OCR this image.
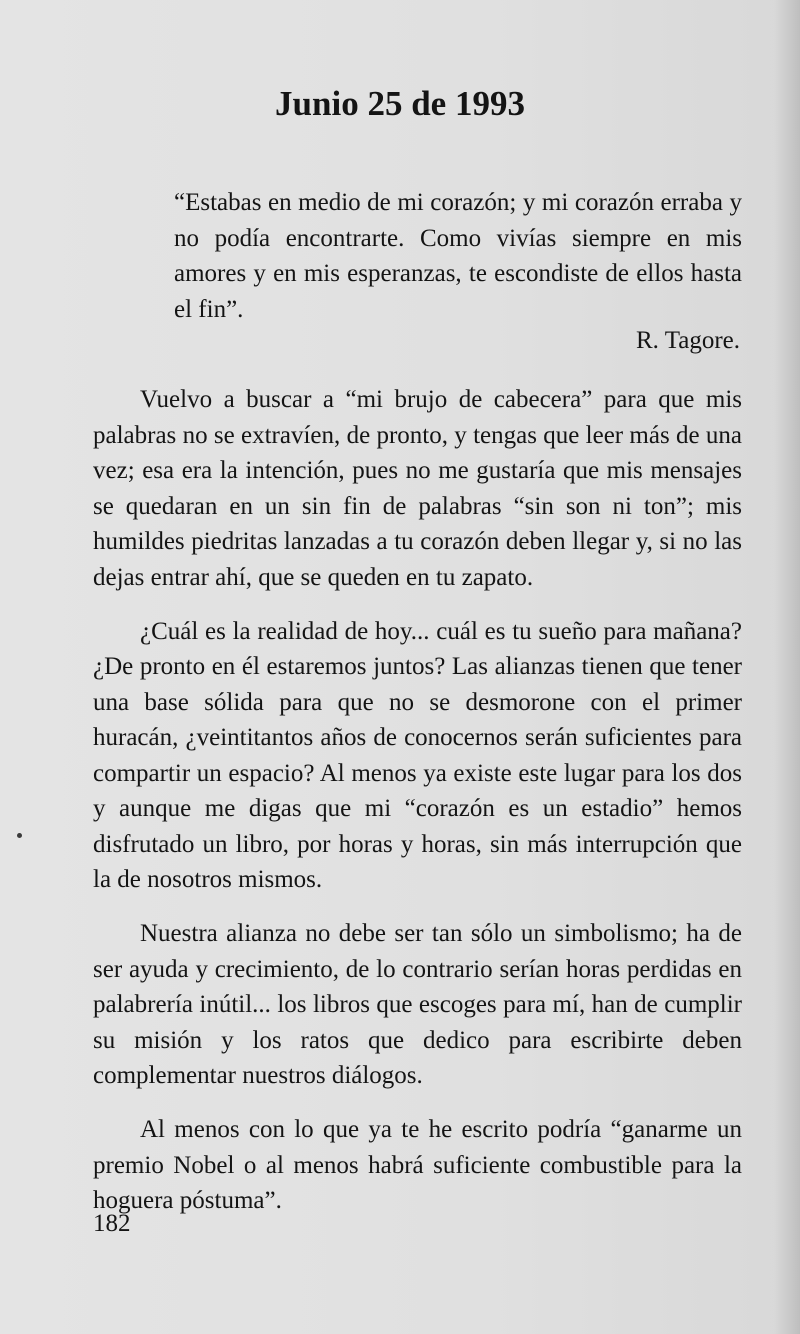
Junio 25 de 1993

“Estabas en medio de mi corazón; y mi corazón erraba y no podía encontrarte. Como vivías siempre en mis amores y en mis esperanzas, te escondiste de ellos hasta el fin”.

R. Tagore.

Vuelvo a buscar a “mi brujo de cabecera” para que mis palabras no se extravíen, de pronto, y tengas que leer más de una vez; esa era la intención, pues no me gustaría que mis mensajes se quedaran en un sin fin de palabras “sin son ni ton”; mis humildes piedritas lanzadas a tu corazón deben llegar y, si no las dejas entrar ahí, que se queden en tu zapato.

¿Cuál es la realidad de hoy... cuál es tu sueño para mañana? ¿De pronto en él estaremos juntos? Las alianzas tienen que tener una base sólida para que no se desmorone con el primer huracán, ¿veintitantos años de conocernos serán suficientes para compartir un espacio? Al menos ya existe este lugar para los dos y aunque me digas que mi “corazón es un estadio” hemos disfrutado un libro, por horas y horas, sin más interrupción que la de nosotros mismos.

Nuestra alianza no debe ser tan sólo un simbolismo; ha de ser ayuda y crecimiento, de lo contrario serían horas perdidas en palabrería inútil... los libros que escoges para mí, han de cumplir su misión y los ratos que dedico para escribirte deben complementar nuestros diálogos.

Al menos con lo que ya te he escrito podría “ganarme un premio Nobel o al menos habrá suficiente combustible para la hoguera póstuma”.

182
